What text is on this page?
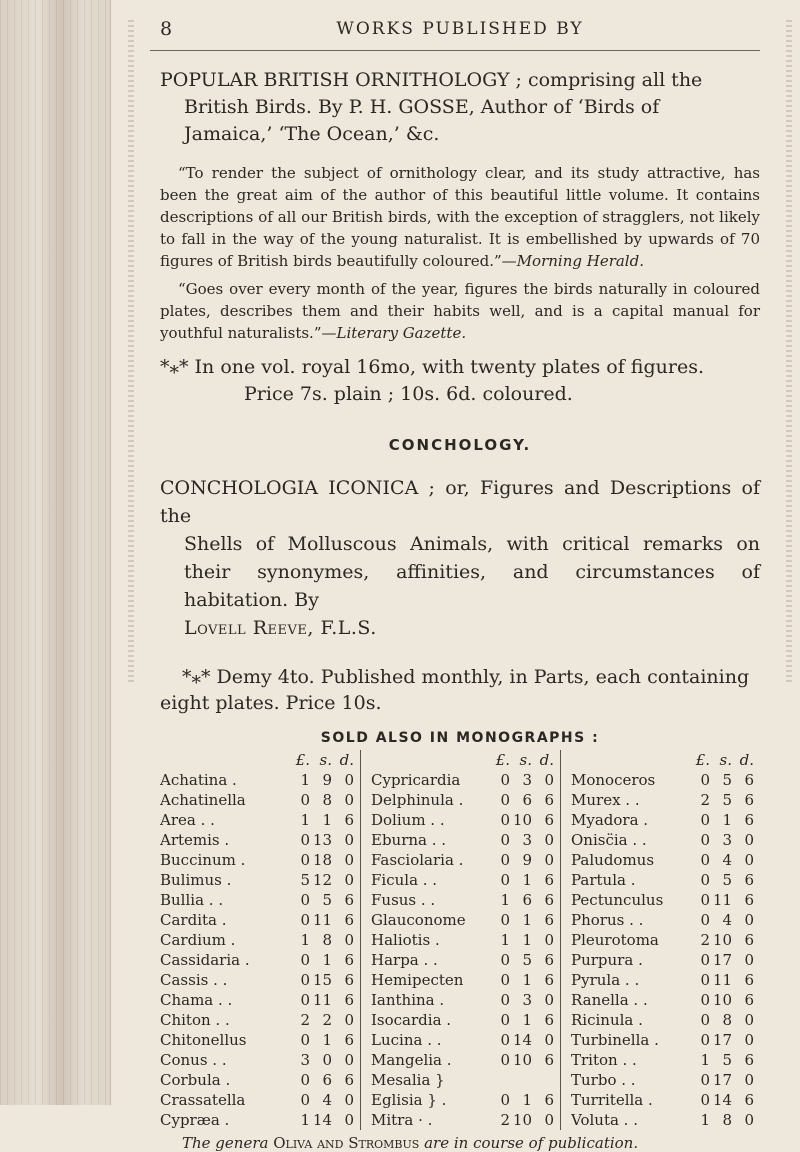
8	WORKS PUBLISHED BY
POPULAR BRITISH ORNITHOLOGY ; comprising all the
British Birds. By P. H. GOSSE, Author of ‘Birds of
Jamaica,’ ‘The Ocean,’ &c.

“To render the subject of ornithology clear, and its study attractive, has been the great aim of the author of this beautiful little volume. It contains descriptions of all our British birds, with the exception of stragglers, not likely to fall in the way of the young naturalist. It is embellished by upwards of 70 figures of British birds beautifully coloured.”—Morning Herald.

“Goes over every month of the year, figures the birds naturally in coloured plates, describes them and their habits well, and is a capital manual for youthful naturalists.”—Literary Gazette.

*⁎* In one vol. royal 16mo, with twenty plates of figures.
Price 7s. plain ; 10s. 6d. coloured.
CONCHOLOGY.
CONCHOLOGIA ICONICA ; or, Figures and Descriptions of the
Shells of Molluscous Animals, with critical remarks on their synonymes, affinities, and circumstances of habitation. By
Lovell Reeve, F.L.S.
*⁎* Demy 4to. Published monthly, in Parts, each containing
eight plates. Price 10s.
SOLD ALSO IN MONOGRAPHS :
£. s. d.
Achatina .	1 9 0
Achatinella	0 8 0
Area . .	1 1 6
Artemis .	0 13 0
Buccinum .	0 18 0
Bulimus .	5 12 0
Bullia . .	0 5 6
Cardita .	0 11 6
Cardium .	1 8 0
Cassidaria .	0 1 6
Cassis . .	0 15 6
Chama . .	0 11 6
Chiton . .	2 2 0
Chitonellus	0 1 6
Conus . .	3 0 0
Corbula .	0 6 6
Crassatella	0 4 0
Cypræa .	1 14 0
£. s. d.
Cypricardia	0 3 0
Delphinula .	0 6 6
Dolium . .	0 10 6
Eburna . .	0 3 0
Fasciolaria .	0 9 0
Ficula . .	0 1 6
Fusus . .	1 6 6
Glauconome	0 1 6
Haliotis .	1 1 0
Harpa . .	0 5 6
Hemipecten	0 1 6
Ianthina .	0 3 0
Isocardia .	0 1 6
Lucina . .	0 14 0
Mangelia .	0 10 6
Mesalia }
Eglisia } .	0 1 6
Mitra · .	2 10 0
£. s. d.
Monoceros	0 5 6
Murex . .	2 5 6
Myadora .	0 1 6
Onisc̈ia . .	0 3 0
Paludomus	0 4 0
Partula .	0 5 6
Pectunculus	0 11 6
Phorus . .	0 4 0
Pleurotoma	2 10 6
Purpura .	0 17 0
Pyrula . .	0 11 6
Ranella . .	0 10 6
Ricinula .	0 8 0
Turbinella .	0 17 0
Triton . .	1 5 6
Turbo . .	0 17 0
Turritella .	0 14 6
Voluta . .	1 8 0
The genera Oliva and Strombus are in course of publication.
